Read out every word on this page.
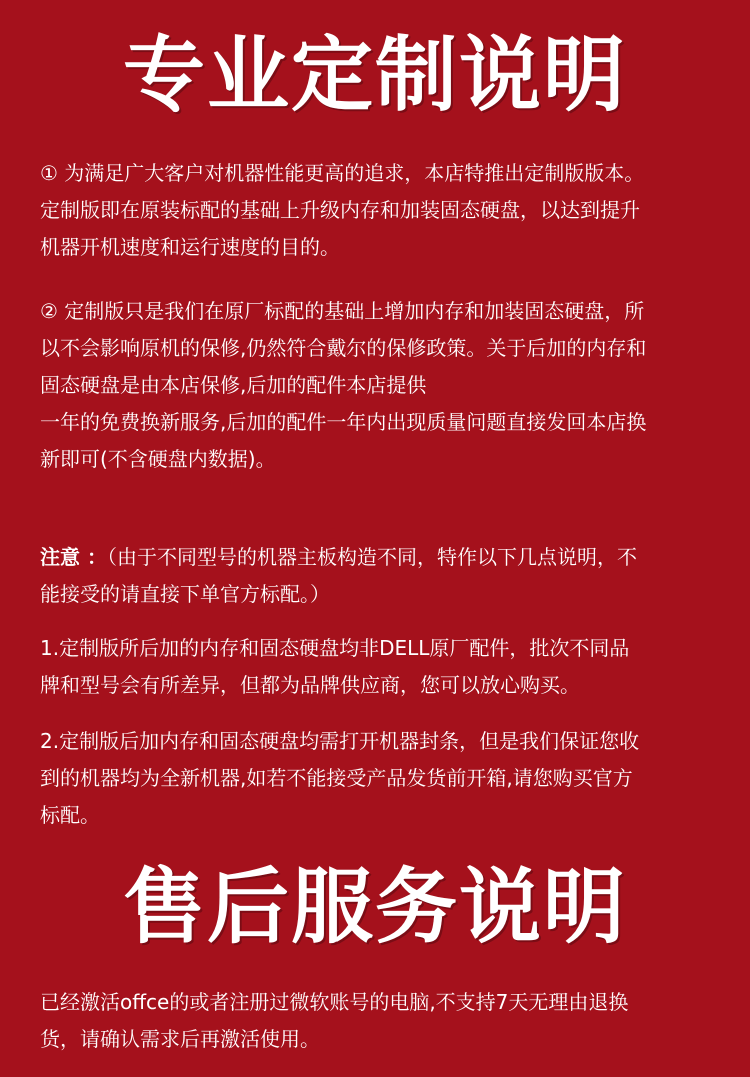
专业定制说明
① 为满足广大客户对机器性能更高的追求，本店特推出定制版版本。
定制版即在原装标配的基础上升级内存和加装固态硬盘，以达到提升
机器开机速度和运行速度的目的。
② 定制版只是我们在原厂标配的基础上增加内存和加装固态硬盘，所
以不会影响原机的保修,仍然符合戴尔的保修政策。关于后加的内存和
固态硬盘是由本店保修,后加的配件本店提供
一年的免费换新服务,后加的配件一年内出现质量问题直接发回本店换
新即可(不含硬盘内数据)。
注意 ：（由于不同型号的机器主板构造不同，特作以下几点说明，不
能接受的请直接下单官方标配。）
1.定制版所后加的内存和固态硬盘均非DELL原厂配件，批次不同品
牌和型号会有所差异，但都为品牌供应商，您可以放心购买。
2.定制版后加内存和固态硬盘均需打开机器封条，但是我们保证您收
到的机器均为全新机器,如若不能接受产品发货前开箱,请您购买官方
标配。
售后服务说明
已经激活offce的或者注册过微软账号的电脑,不支持7天无理由退换
货，请确认需求后再激活使用。
